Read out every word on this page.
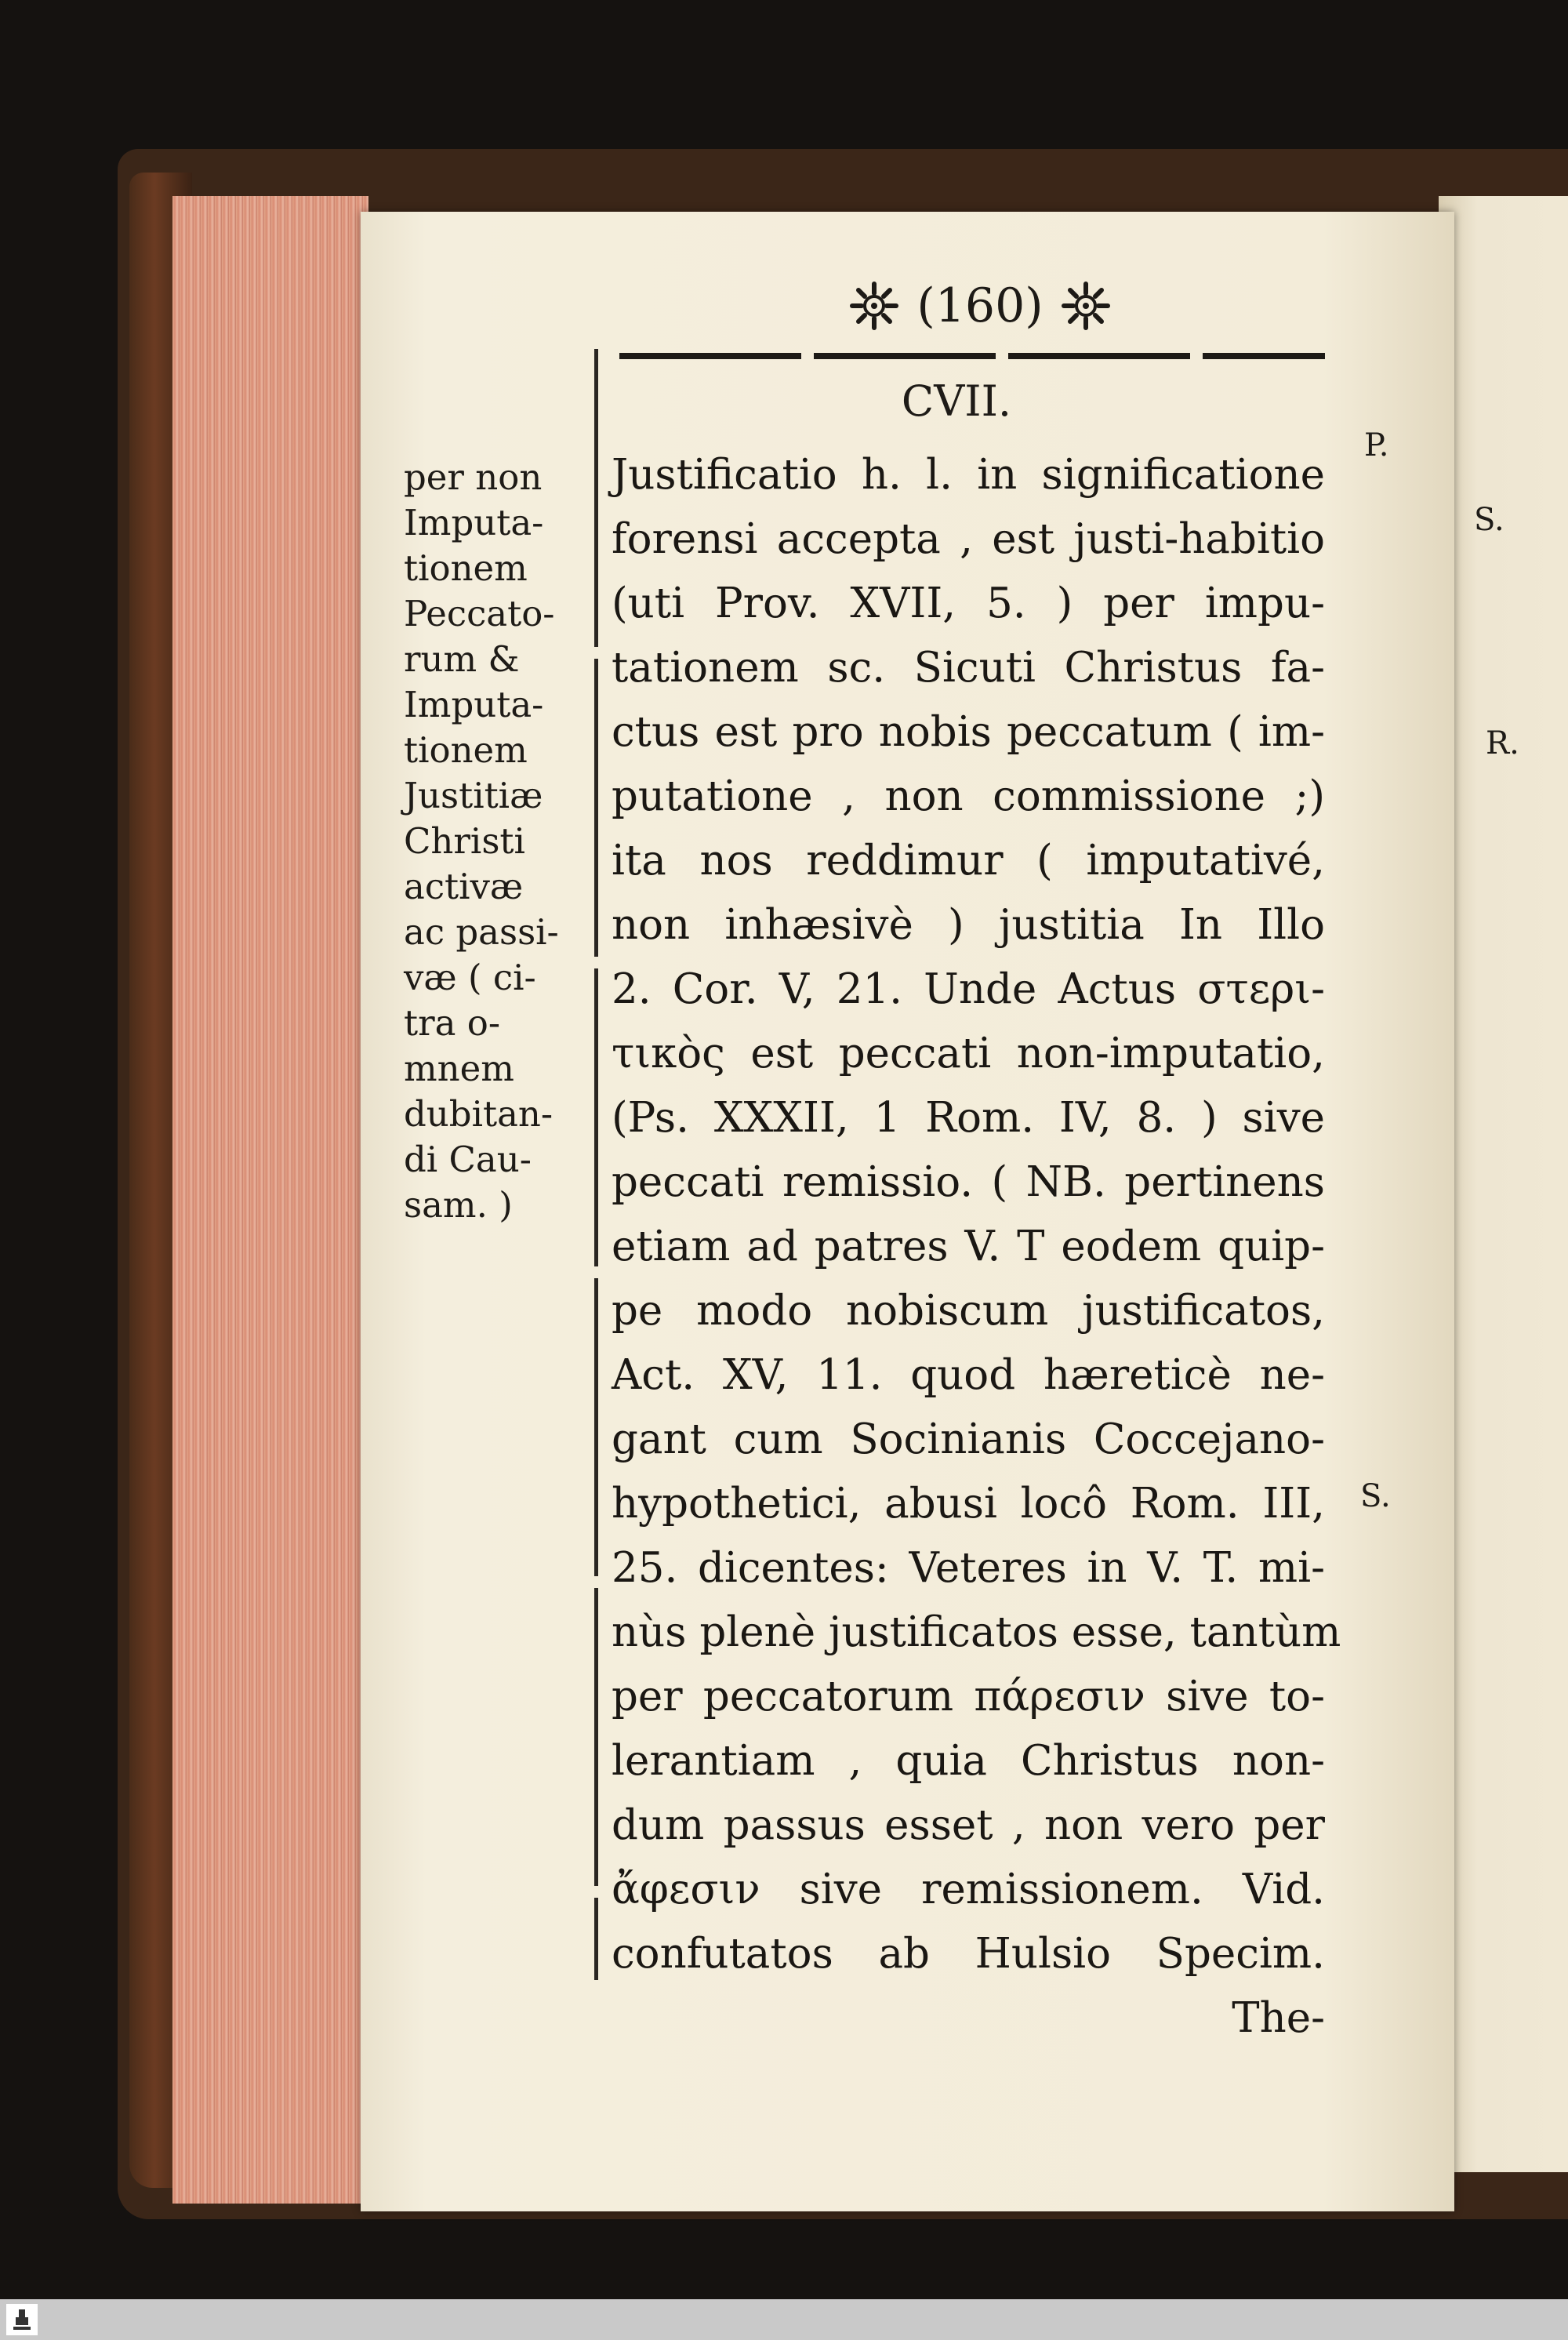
(160)
CVII.
per non
Imputa-
tionem
Peccato-
rum &
Imputa-
tionem
Justitiæ
Christi
activæ
ac passi-
væ ( ci-
tra o-
mnem
dubitan-
di Cau-
sam. )
Justificatio h. l. in significatione
forensi accepta , est justi-habitio
(uti Prov. XVII, 5. ) per impu-
tationem sc. Sicuti Christus fa-
ctus est pro nobis peccatum ( im-
putatione , non commissione ;)
ita nos reddimur ( imputativé,
non inhæsivè ) justitia In Illo
2. Cor. V, 21. Unde Actus στερι-
τικὸς est peccati non-imputatio,
(Ps. XXXII, 1 Rom. IV, 8. ) sive
peccati remissio. ( NB. pertinens
etiam ad patres V. T eodem quip-
pe modo nobiscum justificatos,
Act. XV, 11. quod hæreticè ne-
gant cum Socinianis Coccejano-
hypothetici, abusi locô Rom. III,
25. dicentes: Veteres in V. T. mi-
nùs plenè justificatos esse, tantùm
per peccatorum πάρεσιν sive to-
lerantiam , quia Christus non-
dum passus esset , non vero per
ἄφεσιν sive remissionem. Vid.
confutatos ab Hulsio Specim.
The-
P.
S.
S.
R.
